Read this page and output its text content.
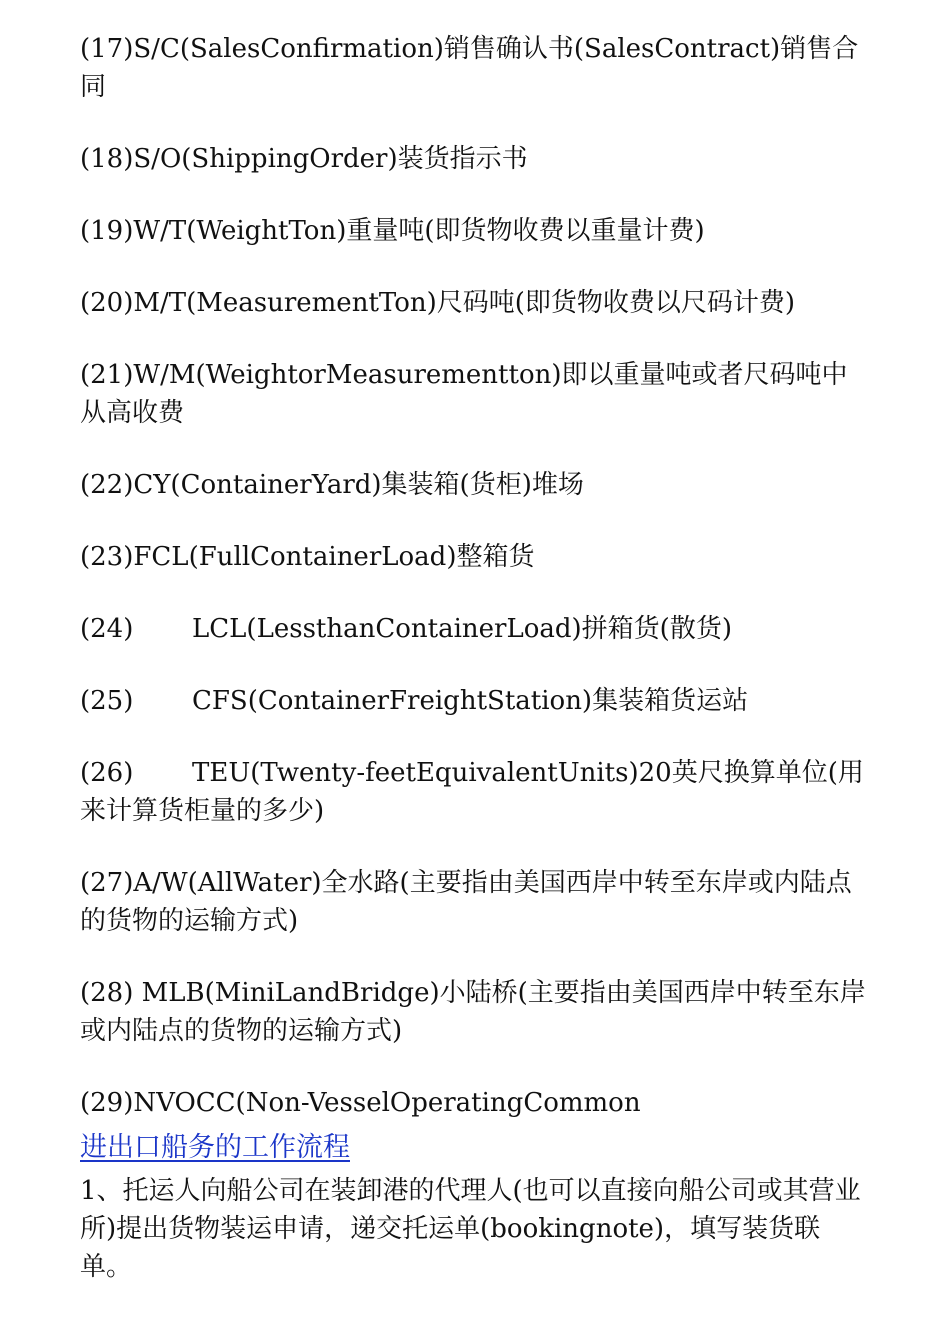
(17)S/C(SalesConfirmation)销售确认书(SalesContract)销售合同

(18)S/O(ShippingOrder)装货指示书

(19)W/T(WeightTon)重量吨(即货物收费以重量计费)

(20)M/T(MeasurementTon)尺码吨(即货物收费以尺码计费)

(21)W/M(WeightorMeasurementton)即以重量吨或者尺码吨中从高收费

(22)CY(ContainerYard)集装箱(货柜)堆场

(23)FCL(FullContainerLoad)整箱货

(24) LCL(LessthanContainerLoad)拼箱货(散货)

(25) CFS(ContainerFreightStation)集装箱货运站

(26) TEU(Twenty-feetEquivalentUnits)20英尺换算单位(用来计算货柜量的多少)

(27)A/W(AllWater)全水路(主要指由美国西岸中转至东岸或内陆点的货物的运输方式)

(28) MLB(MiniLandBridge)小陆桥(主要指由美国西岸中转至东岸或内陆点的货物的运输方式)

(29)NVOCC(Non-VesselOperatingCommon

进出口船务的工作流程

1、托运人向船公司在装卸港的代理人(也可以直接向船公司或其营业所)提出货物装运申请，递交托运单(bookingnote)，填写装货联单。
